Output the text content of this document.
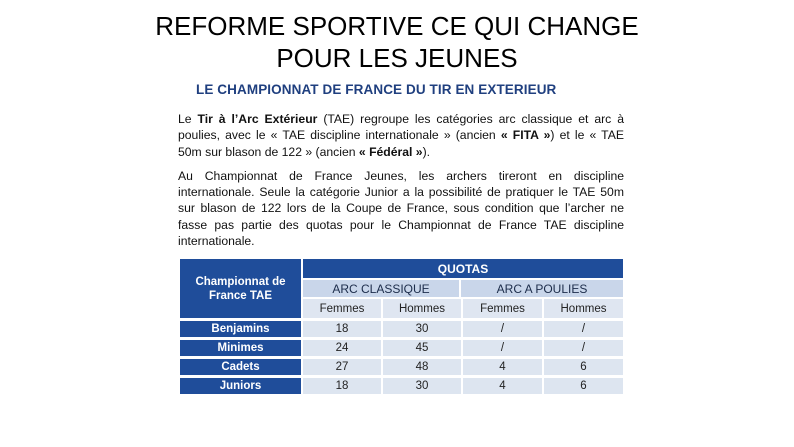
REFORME SPORTIVE CE QUI CHANGE
POUR LES JEUNES
LE CHAMPIONNAT DE FRANCE DU TIR EN EXTERIEUR

Le Tir à l’Arc Extérieur (TAE) regroupe les catégories arc classique et arc à poulies, avec le « TAE discipline internationale » (ancien « FITA ») et le « TAE 50m sur blason de 122 » (ancien « Fédéral »).

Au Championnat de France Jeunes, les archers tireront en discipline internationale. Seule la catégorie Junior a la possibilité de pratiquer le TAE 50m sur blason de 122 lors de la Coupe de France, sous condition que l’archer ne fasse pas partie des quotas pour le Championnat de France TAE discipline internationale.

Championnat de France TAE	QUOTAS			
	ARC CLASSIQUE		ARC A POULIES	
	Femmes	Hommes	Femmes	Hommes
Benjamins	18	30	/	/
Minimes	24	45	/	/
Cadets	27	48	4	6
Juniors	18	30	4	6
